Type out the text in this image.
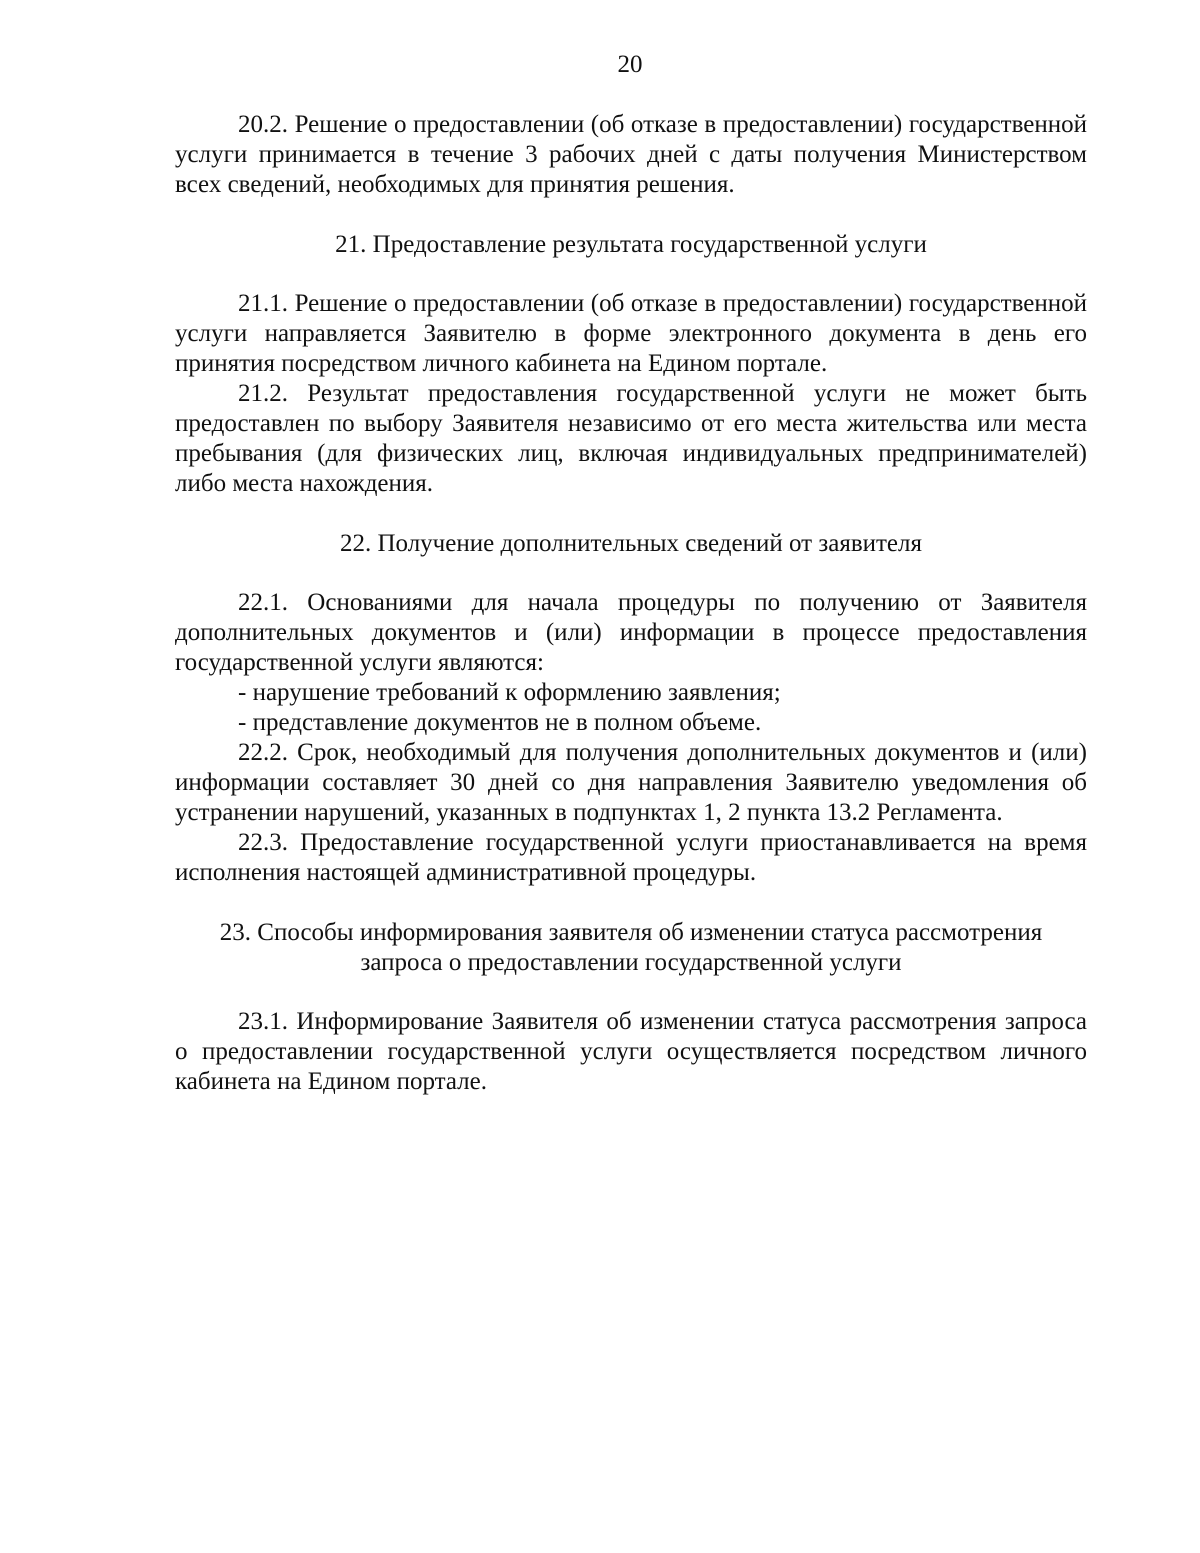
20

20.2. Решение о предоставлении (об отказе в предоставлении) государственной услуги принимается в течение 3 рабочих дней с даты получения Министерством всех сведений, необходимых для принятия решения.

21. Предоставление результата государственной услуги

21.1. Решение о предоставлении (об отказе в предоставлении) государственной услуги направляется Заявителю в форме электронного документа в день его принятия посредством личного кабинета на Едином портале.

21.2. Результат предоставления государственной услуги не может быть предоставлен по выбору Заявителя независимо от его места жительства или места пребывания (для физических лиц, включая индивидуальных предпринимателей) либо места нахождения.

22. Получение дополнительных сведений от заявителя

22.1. Основаниями для начала процедуры по получению от Заявителя дополнительных документов и (или) информации в процессе предоставления государственной услуги являются:

- нарушение требований к оформлению заявления;

- представление документов не в полном объеме.

22.2. Срок, необходимый для получения дополнительных документов и (или) информации составляет 30 дней со дня направления Заявителю уведомления об устранении нарушений, указанных в подпунктах 1, 2 пункта 13.2 Регламента.

22.3. Предоставление государственной услуги приостанавливается на время исполнения настоящей административной процедуры.

23. Способы информирования заявителя об изменении статуса рассмотрения
запроса о предоставлении государственной услуги

23.1. Информирование Заявителя об изменении статуса рассмотрения запроса о предоставлении государственной услуги осуществляется посредством личного кабинета на Едином портале.
